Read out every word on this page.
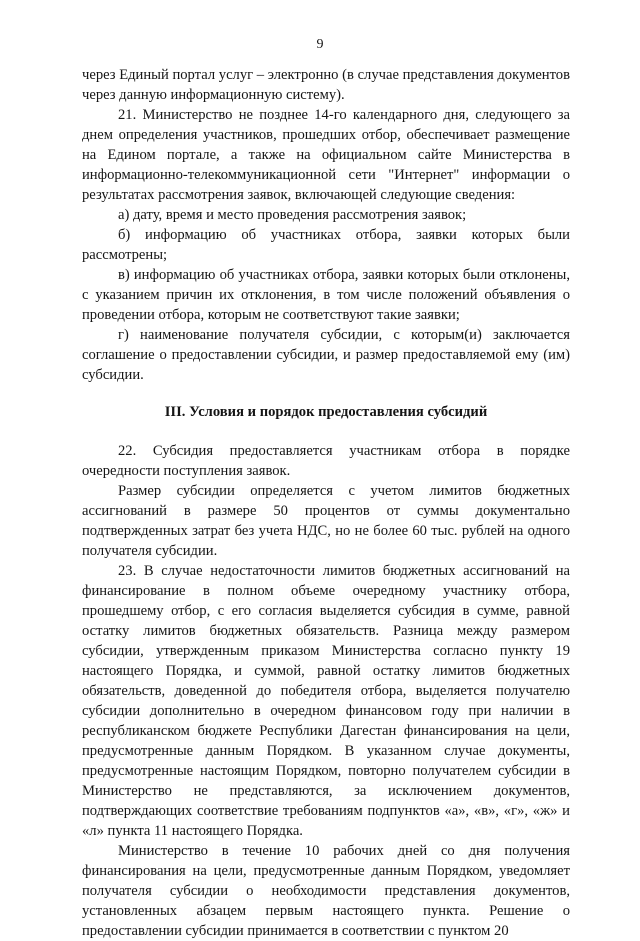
9

через Единый портал услуг – электронно (в случае представления документов через данную информационную систему).

21. Министерство не позднее 14-го календарного дня, следующего за днем определения участников, прошедших отбор, обеспечивает размещение на Едином портале, а также на официальном сайте Министерства в информационно-телекоммуникационной сети "Интернет" информации о результатах рассмотрения заявок, включающей следующие сведения:

а) дату, время и место проведения рассмотрения заявок;

б) информацию об участниках отбора, заявки которых были рассмотрены;

в) информацию об участниках отбора, заявки которых были отклонены, с указанием причин их отклонения, в том числе положений объявления о проведении отбора, которым не соответствуют такие заявки;

г) наименование получателя субсидии, с которым(и) заключается соглашение о предоставлении субсидии, и размер предоставляемой ему (им) субсидии.

III. Условия и порядок предоставления субсидий

22. Субсидия предоставляется участникам отбора в порядке очередности поступления заявок.

Размер субсидии определяется с учетом лимитов бюджетных ассигнований в размере 50 процентов от суммы документально подтвержденных затрат без учета НДС, но не более 60 тыс. рублей на одного получателя субсидии.

23. В случае недостаточности лимитов бюджетных ассигнований на финансирование в полном объеме очередному участнику отбора, прошедшему отбор, с его согласия выделяется субсидия в сумме, равной остатку лимитов бюджетных обязательств. Разница между размером субсидии, утвержденным приказом Министерства согласно пункту 19 настоящего Порядка, и суммой, равной остатку лимитов бюджетных обязательств, доведенной до победителя отбора, выделяется получателю субсидии дополнительно в очередном финансовом году при наличии в республиканском бюджете Республики Дагестан финансирования на цели, предусмотренные данным Порядком. В указанном случае документы, предусмотренные настоящим Порядком, повторно получателем субсидии в Министерство не представляются, за исключением документов, подтверждающих соответствие требованиям подпунктов «а», «в», «г», «ж» и «л» пункта 11 настоящего Порядка.

Министерство в течение 10 рабочих дней со дня получения финансирования на цели, предусмотренные данным Порядком, уведомляет получателя субсидии о необходимости представления документов, установленных абзацем первым настоящего пункта. Решение о предоставлении субсидии принимается в соответствии с пунктом 20
